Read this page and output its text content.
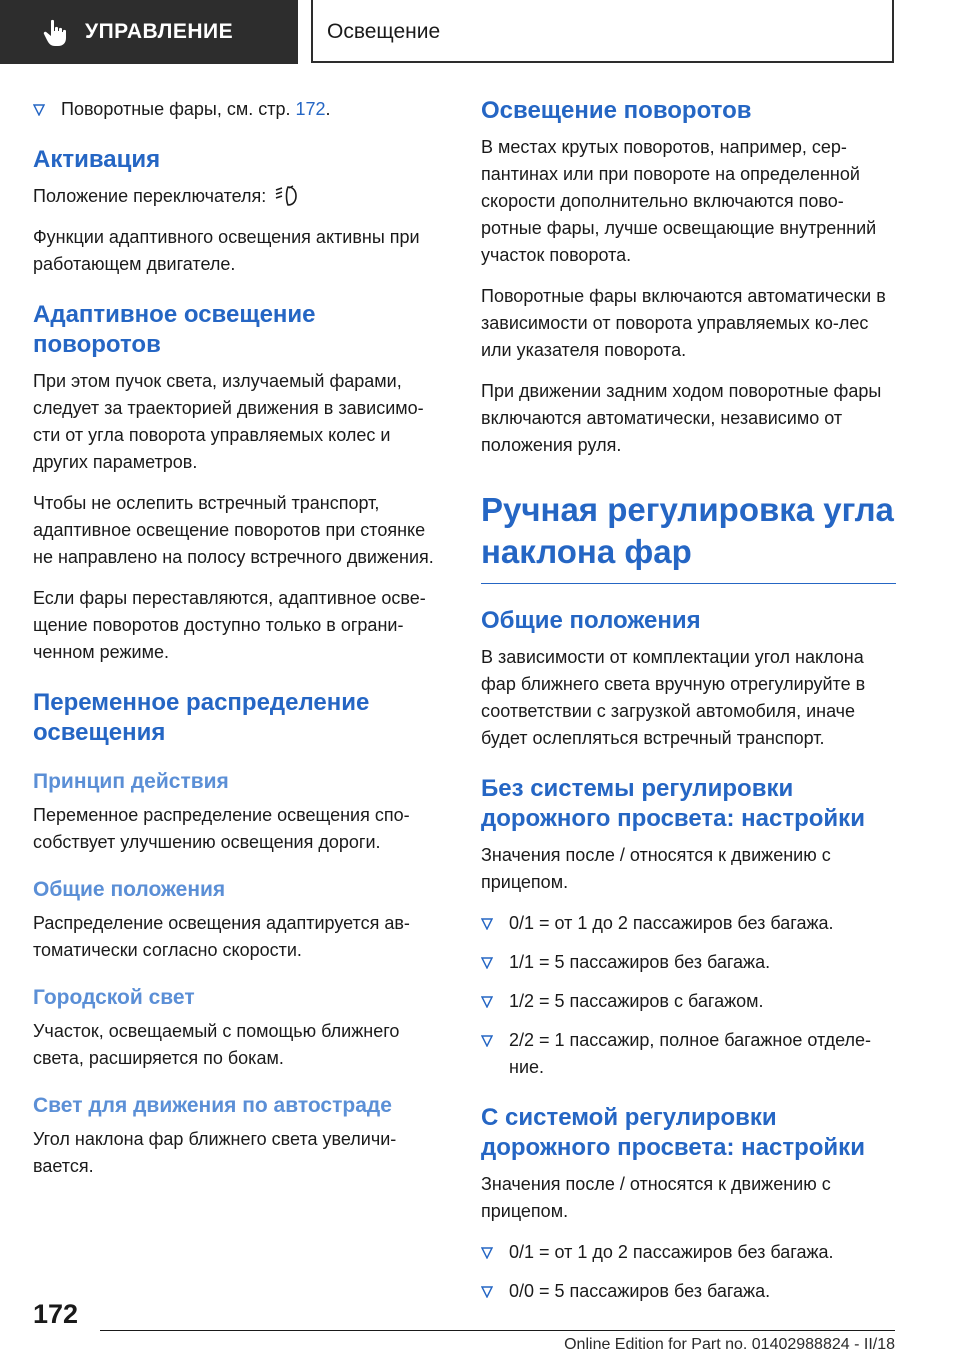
УПРАВЛЕНИЕ	Освещение
Поворотные фары, см. стр. 172.
Активация

Положение переключателя:

Функции адаптивного освещения активны при работающем двигателе.

Адаптивное освещение поворотов

При этом пучок света, излучаемый фарами, следует за траекторией движения в зависимо-сти от угла поворота управляемых колес и других параметров.

Чтобы не ослепить встречный транспорт, адаптивное освещение поворотов при стоянке не направлено на полосу встречного движения.

Если фары переставляются, адаптивное осве-щение поворотов доступно только в ограни-ченном режиме.

Переменное распределение освещения
Принцип действия

Переменное распределение освещения спо-собствует улучшению освещения дороги.

Общие положения

Распределение освещения адаптируется ав-томатически согласно скорости.

Городской свет

Участок, освещаемый с помощью ближнего света, расширяется по бокам.

Свет для движения по автостраде

Угол наклона фар ближнего света увеличи-вается.

Освещение поворотов

В местах крутых поворотов, например, сер-пантинах или при повороте на определенной скорости дополнительно включаются пово-ротные фары, лучше освещающие внутренний участок поворота.

Поворотные фары включаются автоматически в зависимости от поворота управляемых ко-лес или указателя поворота.

При движении задним ходом поворотные фары включаются автоматически, независимо от положения руля.

Ручная регулировка угла наклона фар
Общие положения

В зависимости от комплектации угол наклона фар ближнего света вручную отрегулируйте в соответствии с загрузкой автомобиля, иначе будет ослепляться встречный транспорт.

Без системы регулировки дорожного просвета: настройки

Значения после / относятся к движению с прицепом.

0/1 = от 1 до 2 пассажиров без багажа.
1/1 = 5 пассажиров без багажа.
1/2 = 5 пассажиров с багажом.
2/2 = 1 пассажир, полное багажное отделе-ние.
С системой регулировки дорожного просвета: настройки

Значения после / относятся к движению с прицепом.

0/1 = от 1 до 2 пассажиров без багажа.
0/0 = 5 пассажиров без багажа.
172
Online Edition for Part no. 01402988824 - II/18
